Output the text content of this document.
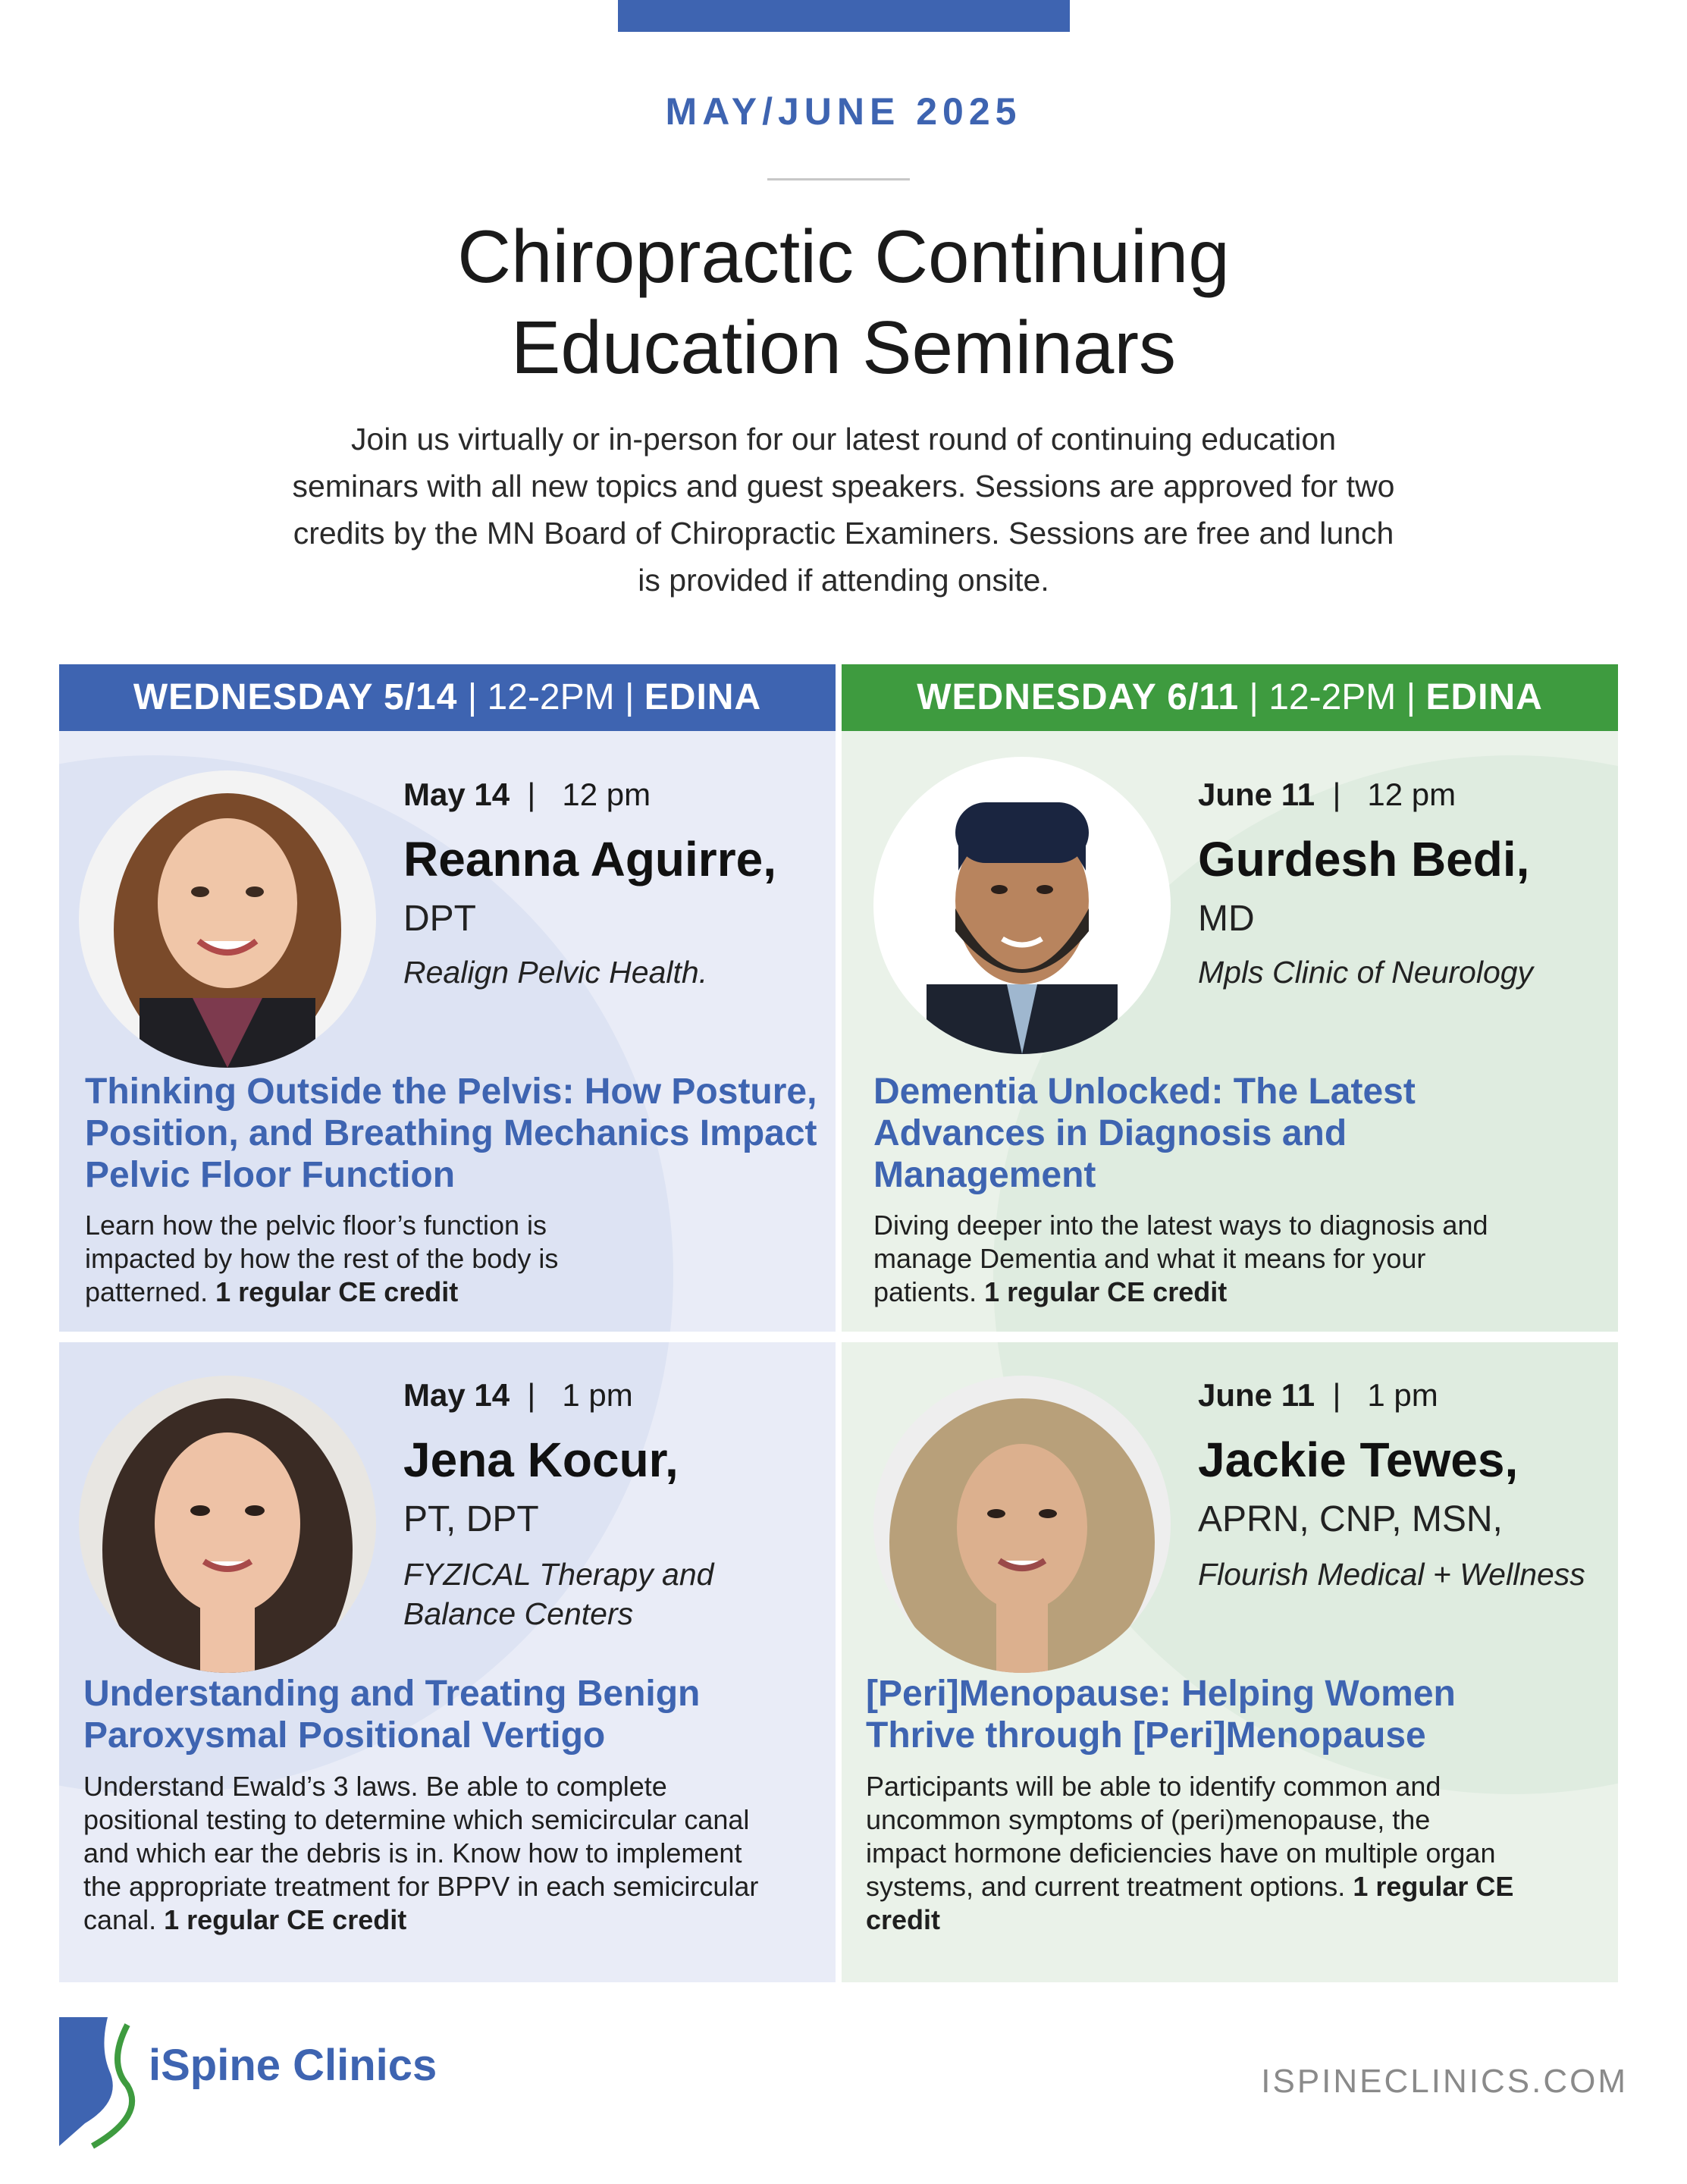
MAY/JUNE 2025
Chiropractic Continuing
Education Seminars
Join us virtually or in-person for our latest round of continuing education seminars with all new topics and guest speakers. Sessions are approved for two credits by the MN Board of Chiropractic Examiners. Sessions are free and lunch is provided if attending onsite.
WEDNESDAY 5/14 | 12-2PM | EDINA
May 14  |   12 pm
Reanna Aguirre,
DPT
Realign Pelvic Health.
Thinking Outside the Pelvis: How Posture, Position, and Breathing Mechanics Impact Pelvic Floor Function
Learn how the pelvic floor’s function is impacted by how the rest of the body is patterned. 1 regular CE credit
May 14  |   1 pm
Jena Kocur,
PT, DPT
FYZICAL Therapy and Balance Centers
Understanding and Treating Benign Paroxysmal Positional Vertigo
Understand Ewald’s 3 laws. Be able to complete positional testing to determine which semicircular canal and which ear the debris is in. Know how to implement the appropriate treatment for BPPV in each semicircular canal. 1 regular CE credit
WEDNESDAY 6/11 | 12-2PM | EDINA
June 11  |   12 pm
Gurdesh Bedi,
MD
Mpls Clinic of Neurology
Dementia Unlocked: The Latest Advances in Diagnosis and Management
Diving deeper into the latest ways to diagnosis and manage Dementia and what it means for your patients. 1 regular CE credit
June 11  |   1 pm
Jackie Tewes,
APRN, CNP, MSN,
Flourish Medical + Wellness
[Peri]Menopause: Helping Women Thrive through [Peri]Menopause
Participants will be able to identify common and uncommon symptoms of (peri)menopause, the impact hormone deficiencies have on multiple organ systems, and current treatment options. 1 regular CE credit
iSpine Clinics	ISPINECLINICS.COM
